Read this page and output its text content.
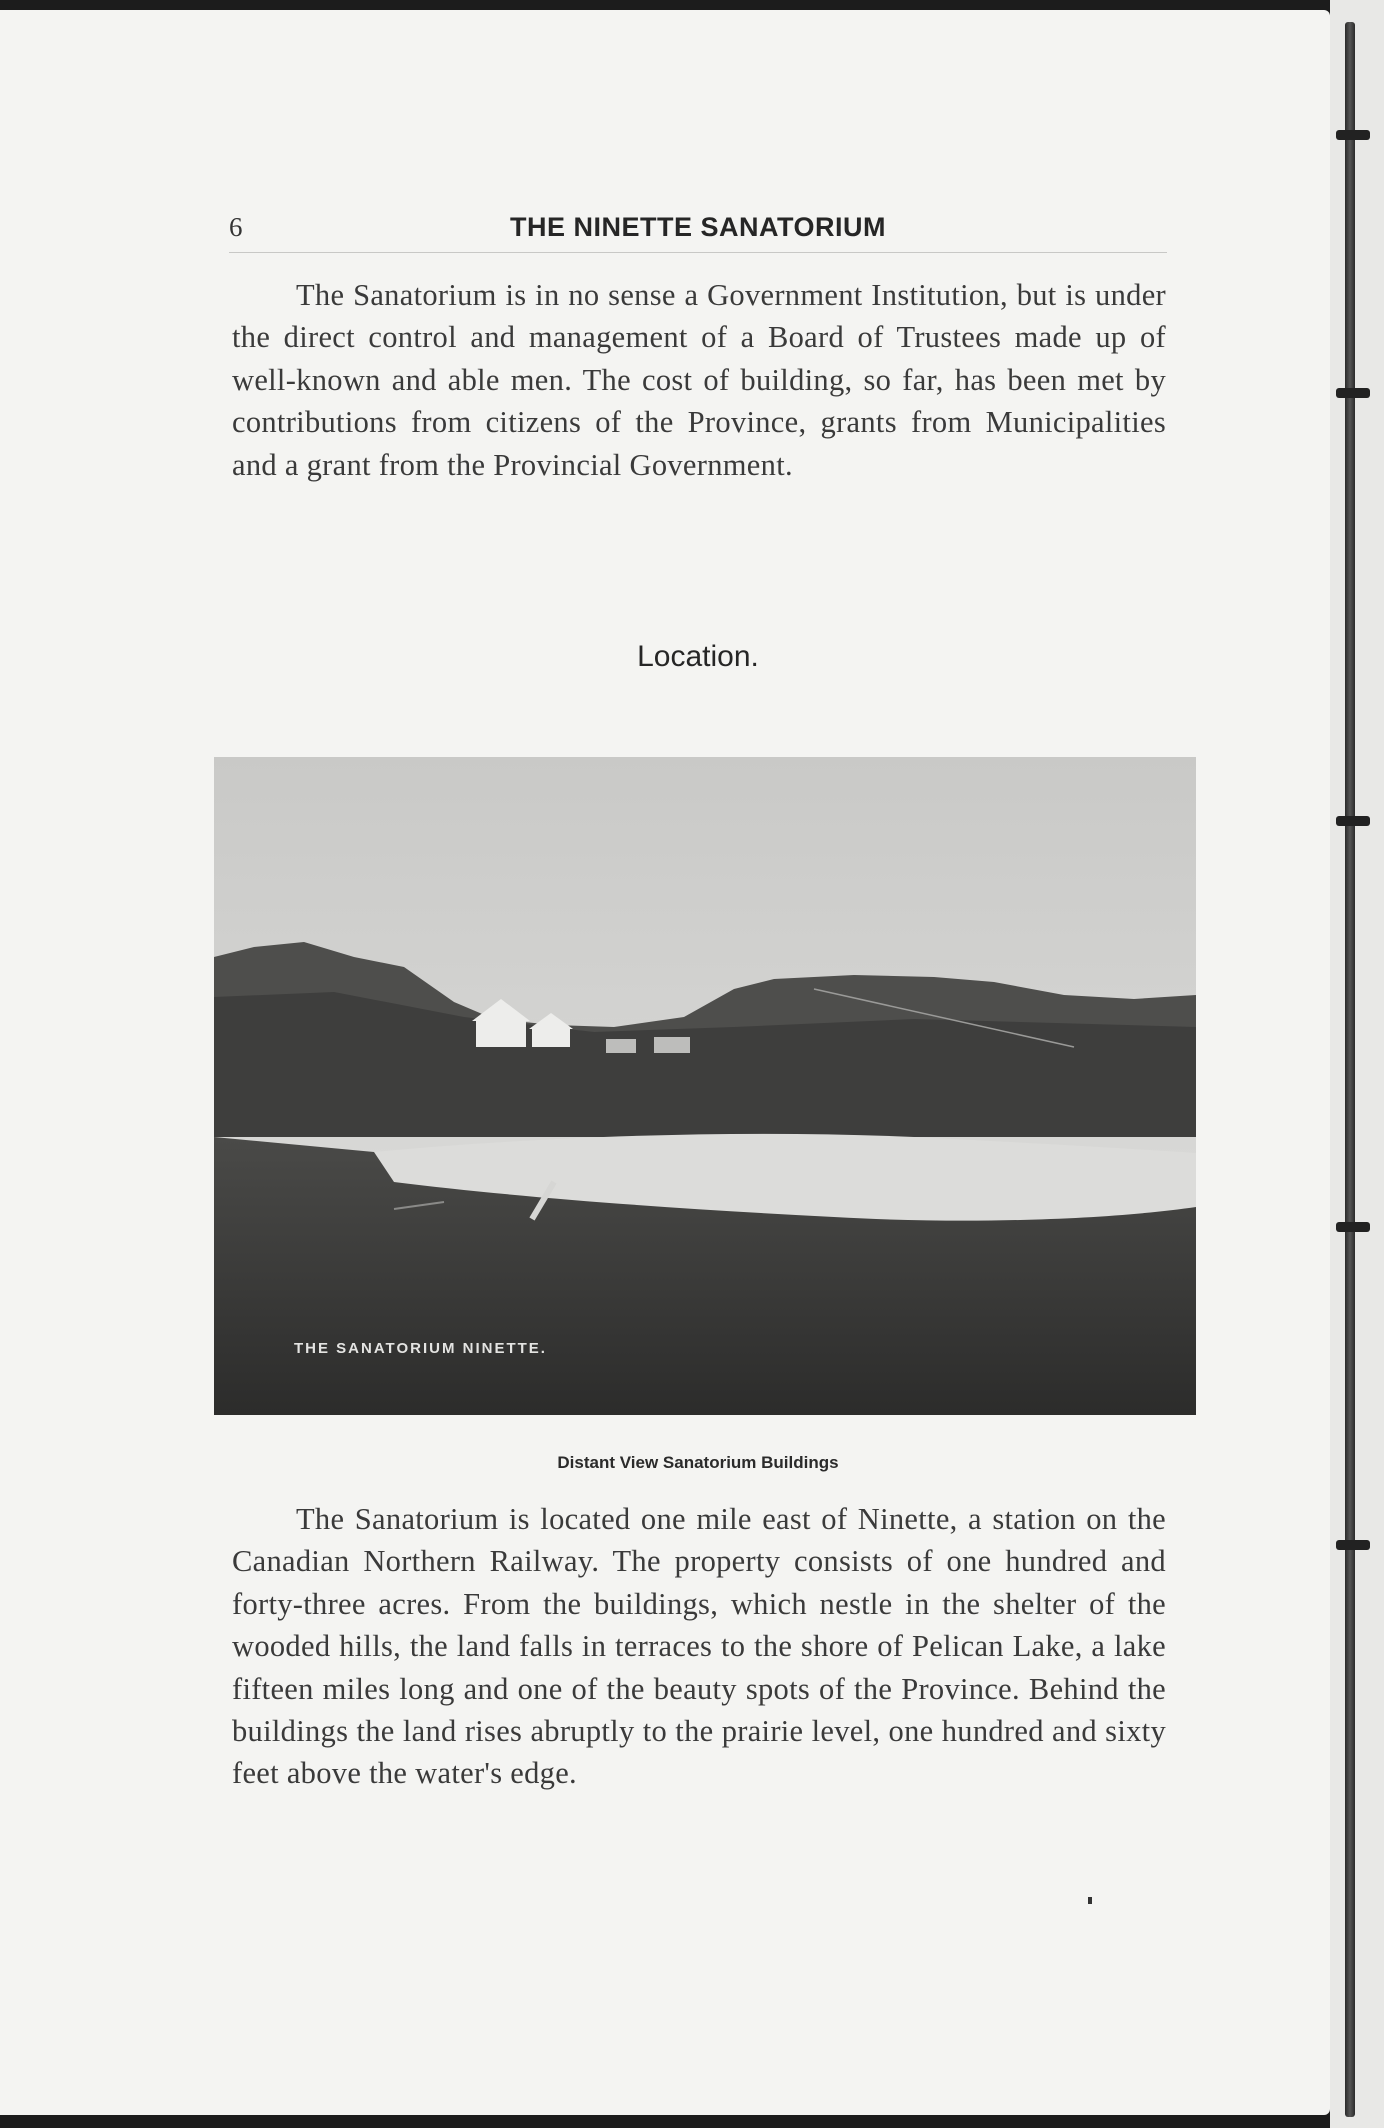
6	THE NINETTE SANATORIUM

The Sanatorium is in no sense a Government Institution, but is under the direct control and management of a Board of Trustees made up of well-known and able men. The cost of building, so far, has been met by contributions from citizens of the Province, grants from Municipalities and a grant from the Provincial Government.

Location.
THE SANATORIUM NINETTE.
Distant View Sanatorium Buildings

The Sanatorium is located one mile east of Ninette, a station on the Canadian Northern Railway. The property consists of one hundred and forty-three acres. From the buildings, which nestle in the shelter of the wooded hills, the land falls in terraces to the shore of Pelican Lake, a lake fifteen miles long and one of the beauty spots of the Province. Behind the buildings the land rises abruptly to the prairie level, one hundred and sixty feet above the water's edge.
